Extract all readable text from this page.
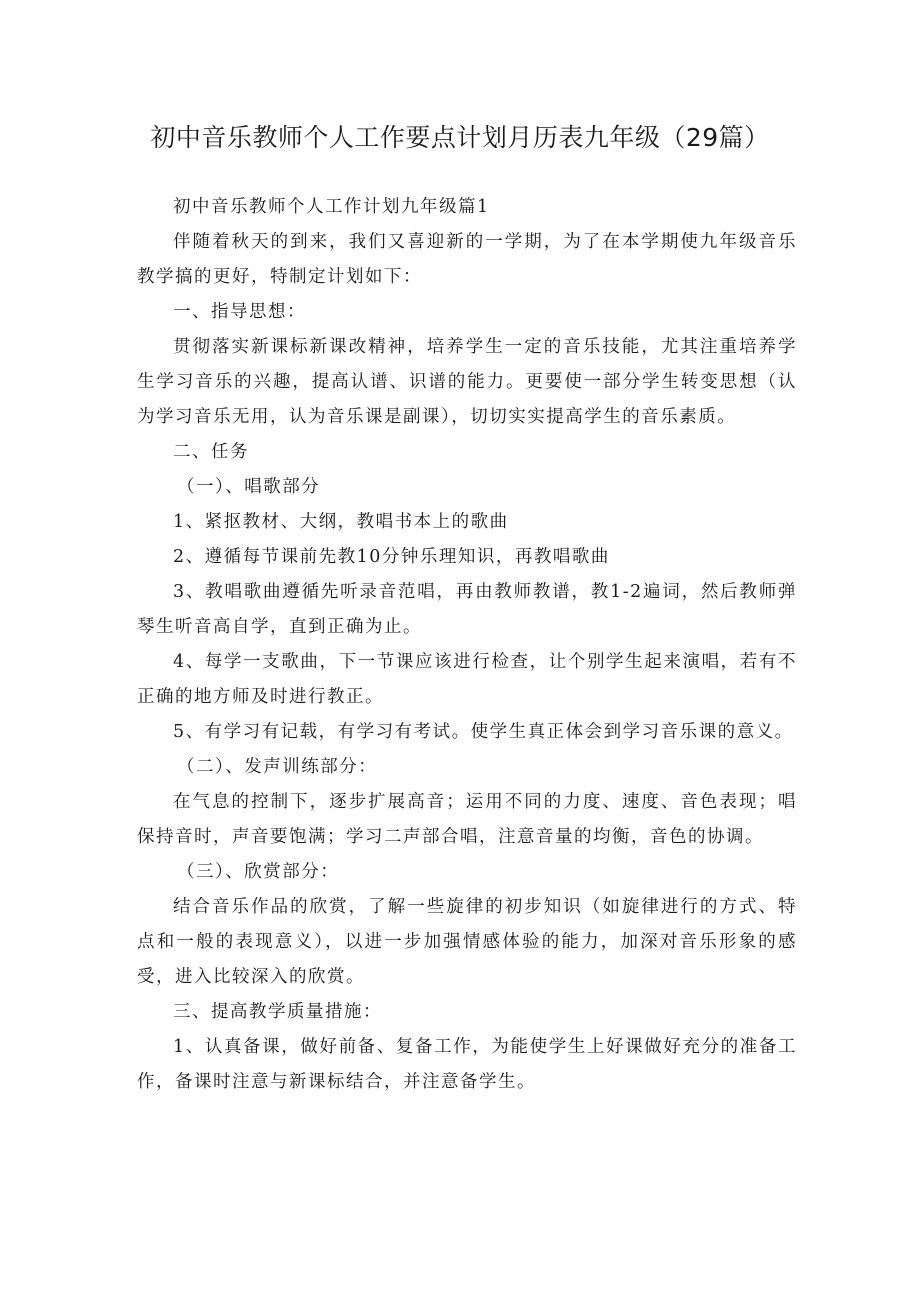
初中音乐教师个人工作要点计划月历表九年级（29篇）

初中音乐教师个人工作计划九年级篇1

伴随着秋天的到来，我们又喜迎新的一学期，为了在本学期使九年级音乐教学搞的更好，特制定计划如下：

一、指导思想：

贯彻落实新课标新课改精神，培养学生一定的音乐技能，尤其注重培养学生学习音乐的兴趣，提高认谱、识谱的能力。更要使一部分学生转变思想（认为学习音乐无用，认为音乐课是副课），切切实实提高学生的音乐素质。

二、任务

（一）、唱歌部分

1、紧抠教材、大纲，教唱书本上的歌曲

2、遵循每节课前先教10分钟乐理知识，再教唱歌曲

3、教唱歌曲遵循先听录音范唱，再由教师教谱，教1-2遍词，然后教师弹琴生听音高自学，直到正确为止。

4、每学一支歌曲，下一节课应该进行检查，让个别学生起来演唱，若有不正确的地方师及时进行教正。

5、有学习有记载，有学习有考试。使学生真正体会到学习音乐课的意义。

（二）、发声训练部分：

在气息的控制下，逐步扩展高音；运用不同的力度、速度、音色表现；唱保持音时，声音要饱满；学习二声部合唱，注意音量的均衡，音色的协调。

（三）、欣赏部分：

结合音乐作品的欣赏，了解一些旋律的初步知识（如旋律进行的方式、特点和一般的表现意义），以进一步加强情感体验的能力，加深对音乐形象的感受，进入比较深入的欣赏。

三、提高教学质量措施：

1、认真备课，做好前备、复备工作，为能使学生上好课做好充分的准备工作，备课时注意与新课标结合，并注意备学生。
